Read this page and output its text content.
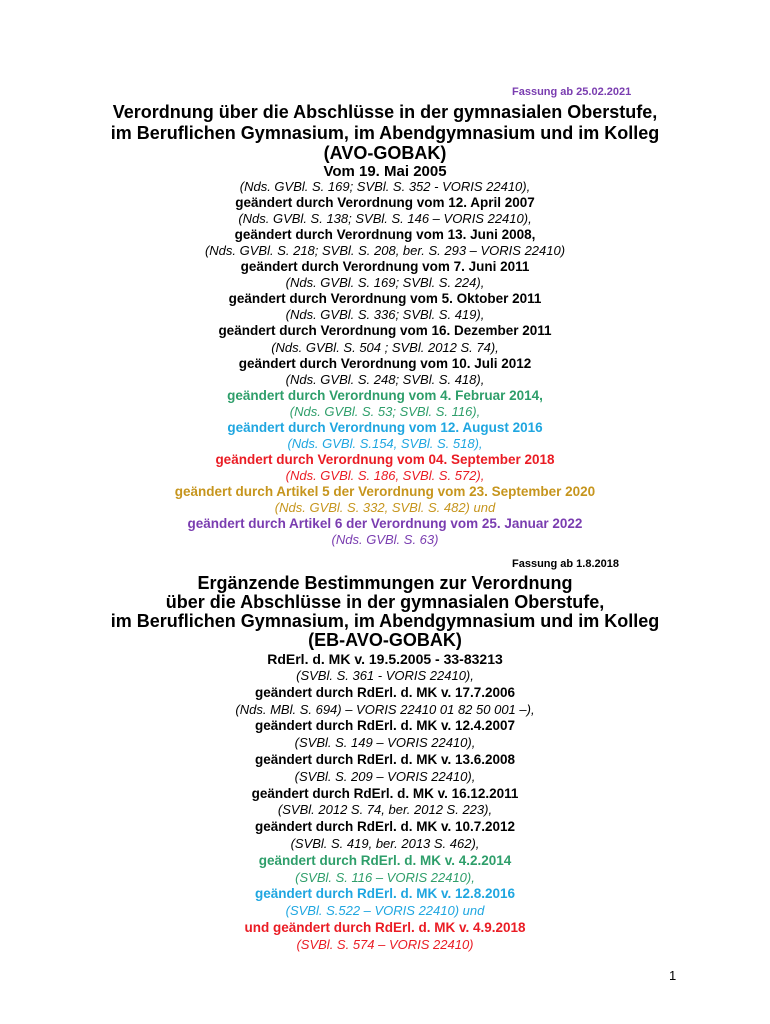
Fassung ab 25.02.2021
Verordnung über die Abschlüsse in der gymnasialen Oberstufe,
im Beruflichen Gymnasium, im Abendgymnasium und im Kolleg
(AVO-GOBAK)
Vom 19. Mai 2005
(Nds. GVBl. S. 169; SVBl. S. 352 - VORIS 22410),
geändert durch Verordnung vom 12. April 2007
(Nds. GVBl. S. 138; SVBl. S. 146 – VORIS 22410),
geändert durch Verordnung vom 13. Juni 2008,
(Nds. GVBl. S. 218; SVBl. S. 208, ber. S. 293 – VORIS 22410)
geändert durch Verordnung vom 7. Juni 2011
(Nds. GVBl. S. 169; SVBl. S. 224),
geändert durch Verordnung vom 5. Oktober 2011
(Nds. GVBl. S. 336; SVBl. S. 419),
geändert durch Verordnung vom 16. Dezember 2011
(Nds. GVBl. S. 504 ; SVBl. 2012 S. 74),
geändert durch Verordnung vom 10. Juli 2012
(Nds. GVBl. S. 248; SVBl. S. 418),
geändert durch Verordnung vom 4. Februar 2014,
(Nds. GVBl. S. 53; SVBl. S. 116),
geändert durch Verordnung vom 12. August 2016
(Nds. GVBl. S.154, SVBl. S. 518),
geändert durch Verordnung vom 04. September 2018
(Nds. GVBl. S. 186, SVBl. S. 572),
geändert durch Artikel 5 der Verordnung vom 23. September 2020
(Nds. GVBl. S. 332, SVBl. S. 482) und
geändert durch Artikel 6 der Verordnung vom 25. Januar 2022
(Nds. GVBl. S. 63)
Fassung ab 1.8.2018
Ergänzende Bestimmungen zur Verordnung
über die Abschlüsse in der gymnasialen Oberstufe,
im Beruflichen Gymnasium, im Abendgymnasium und im Kolleg
(EB-AVO-GOBAK)
RdErl. d. MK v. 19.5.2005 - 33-83213
(SVBl. S. 361 - VORIS 22410),
geändert durch RdErl. d. MK v. 17.7.2006
(Nds. MBl. S. 694) – VORIS 22410 01 82 50 001 –),
geändert durch RdErl. d. MK v. 12.4.2007
(SVBl. S. 149 – VORIS 22410),
geändert durch RdErl. d. MK v. 13.6.2008
(SVBl. S. 209 – VORIS 22410),
geändert durch RdErl. d. MK v. 16.12.2011
(SVBl. 2012 S. 74, ber. 2012 S. 223),
geändert durch RdErl. d. MK v. 10.7.2012
(SVBl. S. 419, ber. 2013 S. 462),
geändert durch RdErl. d. MK v. 4.2.2014
(SVBl. S. 116 – VORIS 22410),
geändert durch RdErl. d. MK v. 12.8.2016
(SVBl. S.522 – VORIS 22410) und
und geändert durch RdErl. d. MK v. 4.9.2018
(SVBl. S. 574 – VORIS 22410)
1
